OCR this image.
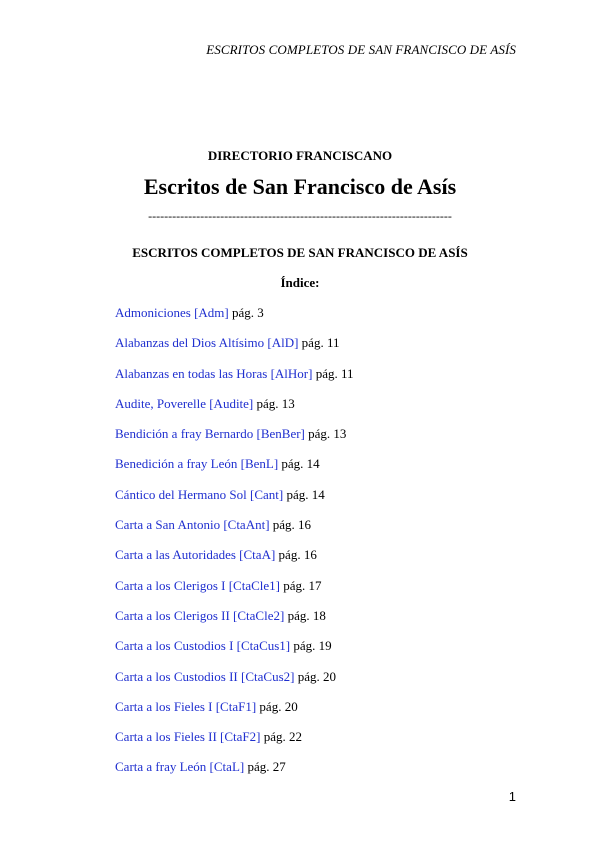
ESCRITOS COMPLETOS DE SAN FRANCISCO DE ASÍS
DIRECTORIO FRANCISCANO
Escritos de San Francisco de Asís
----------------------------------------------------------------------------
ESCRITOS COMPLETOS DE SAN FRANCISCO DE ASÍS
Índice:
Admoniciones [Adm] pág. 3
Alabanzas del Dios Altísimo [AlD] pág. 11
Alabanzas en todas las Horas [AlHor] pág. 11
Audite, Poverelle [Audite] pág. 13
Bendición a fray Bernardo [BenBer] pág. 13
Benedición a fray León [BenL] pág. 14
Cántico del Hermano Sol [Cant] pág. 14
Carta a San Antonio [CtaAnt] pág. 16
Carta a las Autoridades [CtaA] pág. 16
Carta a los Clerigos I [CtaCle1] pág. 17
Carta a los Clerigos II [CtaCle2] pág. 18
Carta a los Custodios I [CtaCus1] pág. 19
Carta a los Custodios II [CtaCus2] pág. 20
Carta a los Fieles I [CtaF1] pág. 20
Carta a los Fieles II [CtaF2] pág. 22
Carta a fray León [CtaL] pág. 27
1
